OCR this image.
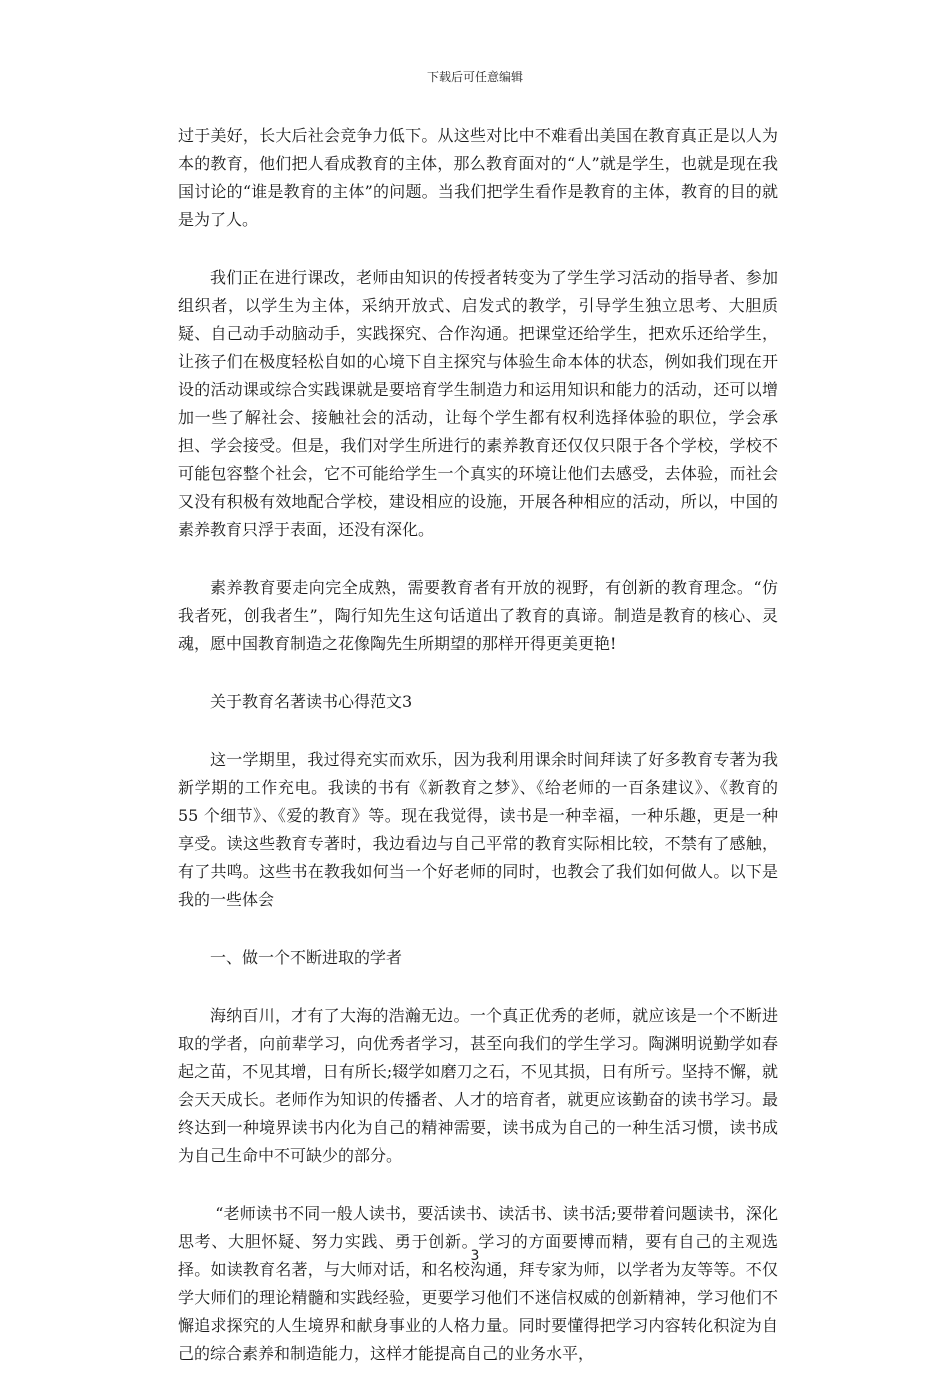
下载后可任意编辑

过于美好，长大后社会竞争力低下。从这些对比中不难看出美国在教育真正是以人为本的教育，他们把人看成教育的主体，那么教育面对的“人”就是学生，也就是现在我国讨论的“谁是教育的主体”的问题。当我们把学生看作是教育的主体，教育的目的就是为了人。

我们正在进行课改，老师由知识的传授者转变为了学生学习活动的指导者、参加组织者，以学生为主体，采纳开放式、启发式的教学，引导学生独立思考、大胆质疑、自己动手动脑动手，实践探究、合作沟通。把课堂还给学生，把欢乐还给学生，让孩子们在极度轻松自如的心境下自主探究与体验生命本体的状态，例如我们现在开设的活动课或综合实践课就是要培育学生制造力和运用知识和能力的活动，还可以增加一些了解社会、接触社会的活动，让每个学生都有权利选择体验的职位，学会承担、学会接受。但是，我们对学生所进行的素养教育还仅仅只限于各个学校，学校不可能包容整个社会，它不可能给学生一个真实的环境让他们去感受，去体验，而社会又没有积极有效地配合学校，建设相应的设施，开展各种相应的活动，所以，中国的素养教育只浮于表面，还没有深化。

素养教育要走向完全成熟，需要教育者有开放的视野，有创新的教育理念。“仿我者死，创我者生”，陶行知先生这句话道出了教育的真谛。制造是教育的核心、灵魂，愿中国教育制造之花像陶先生所期望的那样开得更美更艳!

关于教育名著读书心得范文3

这一学期里，我过得充实而欢乐，因为我利用课余时间拜读了好多教育专著为我新学期的工作充电。我读的书有《新教育之梦》、《给老师的一百条建议》、《教育的 55 个细节》、《爱的教育》等。现在我觉得，读书是一种幸福，一种乐趣，更是一种享受。读这些教育专著时，我边看边与自己平常的教育实际相比较，不禁有了感触，有了共鸣。这些书在教我如何当一个好老师的同时，也教会了我们如何做人。以下是我的一些体会

一、做一个不断进取的学者

海纳百川，才有了大海的浩瀚无边。一个真正优秀的老师，就应该是一个不断进取的学者，向前辈学习，向优秀者学习，甚至向我们的学生学习。陶渊明说勤学如春起之苗，不见其增，日有所长;辍学如磨刀之石，不见其损，日有所亏。坚持不懈，就会天天成长。老师作为知识的传播者、人才的培育者，就更应该勤奋的读书学习。最终达到一种境界读书内化为自己的精神需要，读书成为自己的一种生活习惯，读书成为自己生命中不可缺少的部分。

“老师读书不同一般人读书，要活读书、读活书、读书活;要带着问题读书，深化思考、大胆怀疑、努力实践、勇于创新。学习的方面要博而精，要有自己的主观选择。如读教育名著，与大师对话，和名校沟通，拜专家为师，以学者为友等等。不仅学大师们的理论精髓和实践经验，更要学习他们不迷信权威的创新精神，学习他们不懈追求探究的人生境界和献身事业的人格力量。同时要懂得把学习内容转化积淀为自己的综合素养和制造能力，这样才能提高自己的业务水平，

3
